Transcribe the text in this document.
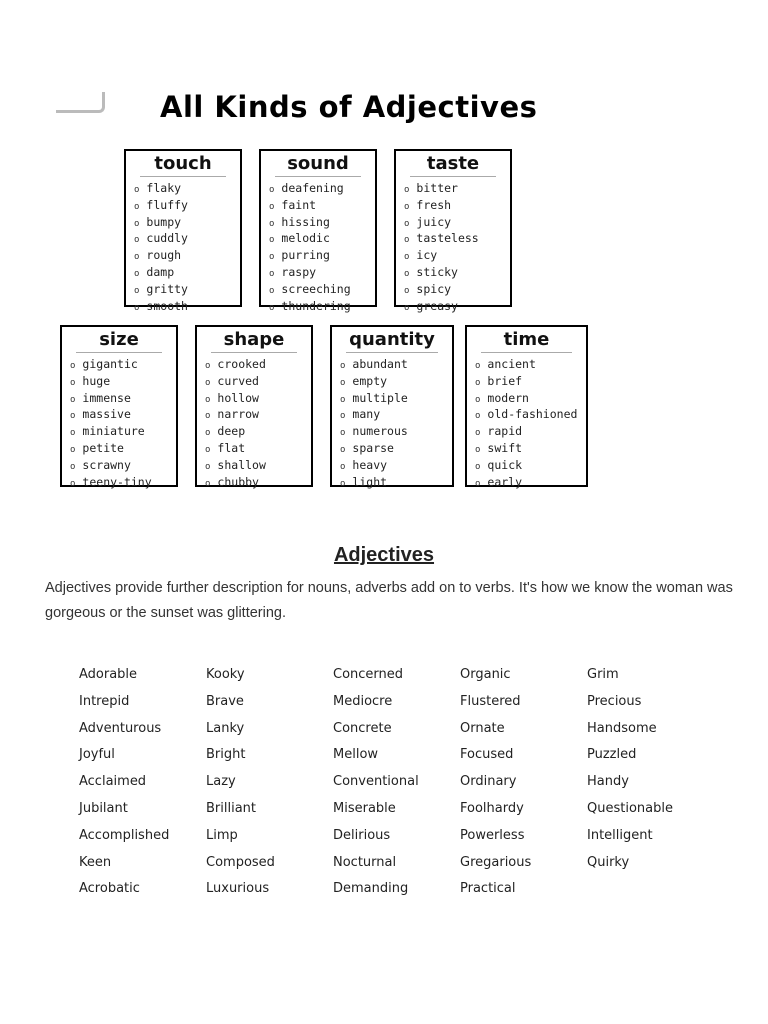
All Kinds of Adjectives
touch
o flaky
o fluffy
o bumpy
o cuddly
o rough
o damp
o gritty
o smooth
sound
o deafening
o faint
o hissing
o melodic
o purring
o raspy
o screeching
o thundering
taste
o bitter
o fresh
o juicy
o tasteless
o icy
o sticky
o spicy
o greasy
size
o gigantic
o huge
o immense
o massive
o miniature
o petite
o scrawny
o teeny-tiny
shape
o crooked
o curved
o hollow
o narrow
o deep
o flat
o shallow
o chubby
quantity
o abundant
o empty
o multiple
o many
o numerous
o sparse
o heavy
o light
time
o ancient
o brief
o modern
o old-fashioned
o rapid
o swift
o quick
o early
Adjectives
Adjectives provide further description for nouns, adverbs add on to verbs. It's how we know the woman was gorgeous or the sunset was glittering.
Adorable
Intrepid
Adventurous
Joyful
Acclaimed
Jubilant
Accomplished
Keen
Acrobatic
Kooky
Brave
Lanky
Bright
Lazy
Brilliant
Limp
Composed
Luxurious
Concerned
Mediocre
Concrete
Mellow
Conventional
Miserable
Delirious
Nocturnal
Demanding
Organic
Flustered
Ornate
Focused
Ordinary
Foolhardy
Powerless
Gregarious
Practical
Grim
Precious
Handsome
Puzzled
Handy
Questionable
Intelligent
Quirky
